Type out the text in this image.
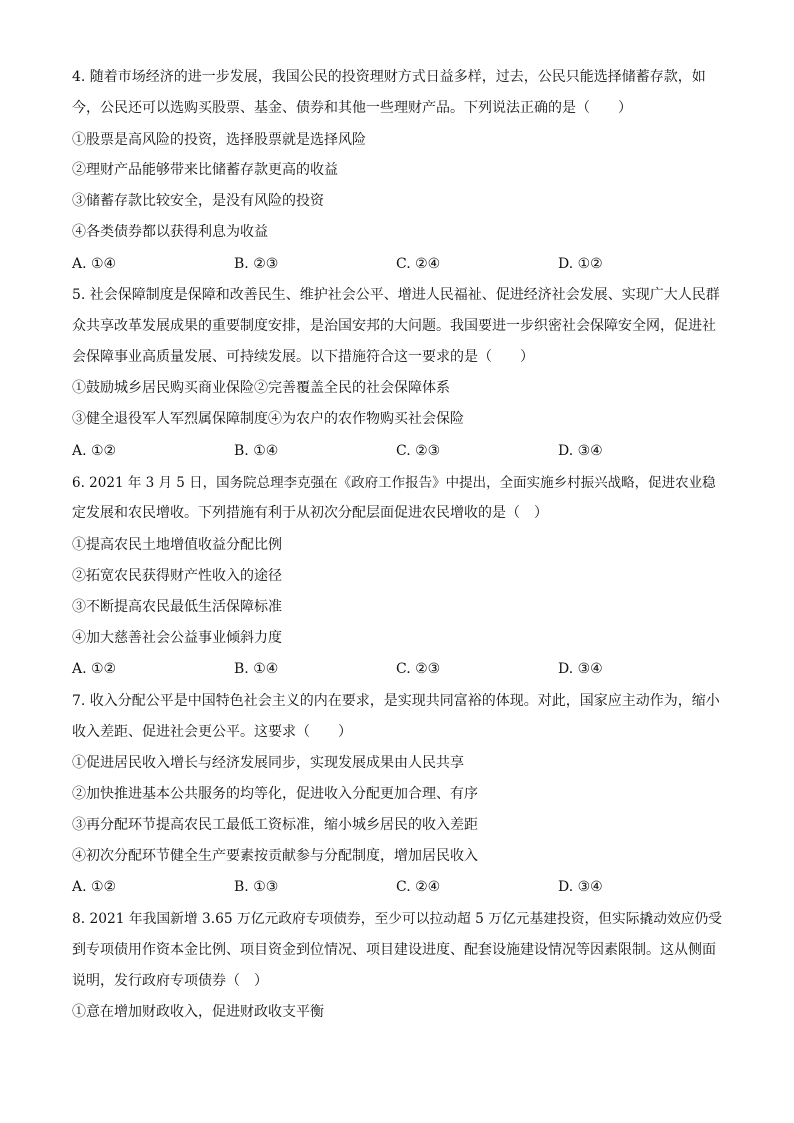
4. 随着市场经济的进一步发展，我国公民的投资理财方式日益多样，过去，公民只能选择储蓄存款，如
今，公民还可以选购买股票、基金、债券和其他一些理财产品。下列说法正确的是（　　）
①股票是高风险的投资，选择股票就是选择风险
②理财产品能够带来比储蓄存款更高的收益
③储蓄存款比较安全，是没有风险的投资
④各类债券都以获得利息为收益
A. ①④	B. ②③	C. ②④	D. ①②
5. 社会保障制度是保障和改善民生、维护社会公平、增进人民福祉、促进经济社会发展、实现广大人民群
众共享改革发展成果的重要制度安排，是治国安邦的大问题。我国要进一步织密社会保障安全网，促进社
会保障事业高质量发展、可持续发展。以下措施符合这一要求的是（　　）
①鼓励城乡居民购买商业保险②完善覆盖全民的社会保障体系
③健全退役军人军烈属保障制度④为农户的农作物购买社会保险
A. ①②	B. ①④	C. ②③	D. ③④
6. 2021 年 3 月 5 日，国务院总理李克强在《政府工作报告》中提出，全面实施乡村振兴战略，促进农业稳
定发展和农民增收。下列措施有利于从初次分配层面促进农民增收的是（　）
①提高农民土地增值收益分配比例
②拓宽农民获得财产性收入的途径
③不断提高农民最低生活保障标准
④加大慈善社会公益事业倾斜力度
A. ①②	B. ①④	C. ②③	D. ③④
7. 收入分配公平是中国特色社会主义的内在要求，是实现共同富裕的体现。对此，国家应主动作为，缩小
收入差距、促进社会更公平。这要求（　　）
①促进居民收入增长与经济发展同步，实现发展成果由人民共享
②加快推进基本公共服务的均等化，促进收入分配更加合理、有序
③再分配环节提高农民工最低工资标准，缩小城乡居民的收入差距
④初次分配环节健全生产要素按贡献参与分配制度，增加居民收入
A. ①②	B. ①③	C. ②④	D. ③④
8. 2021 年我国新增 3.65 万亿元政府专项债券，至少可以拉动超 5 万亿元基建投资，但实际撬动效应仍受
到专项债用作资本金比例、项目资金到位情况、项目建设进度、配套设施建设情况等因素限制。这从侧面
说明，发行政府专项债券（　）
①意在增加财政收入，促进财政收支平衡
